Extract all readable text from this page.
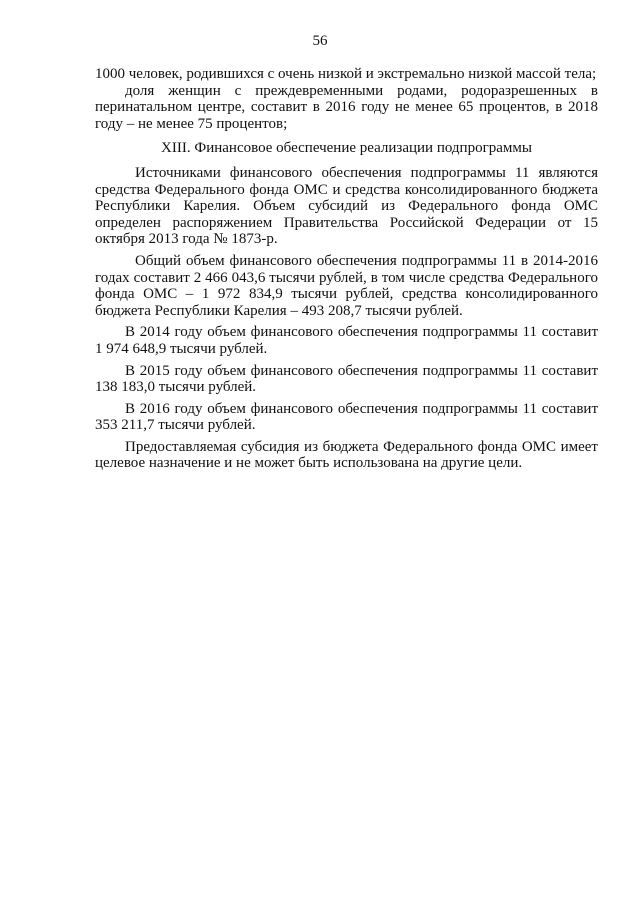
56

1000 человек, родившихся с очень низкой и экстремально низкой массой тела;

доля женщин с преждевременными родами, родоразрешенных в перинатальном центре, составит в 2016 году не менее 65 процентов, в 2018 году – не менее 75 процентов;

XIII. Финансовое обеспечение реализации подпрограммы

Источниками финансового обеспечения подпрограммы 11 являются средства Федерального фонда ОМС и средства консолидированного бюджета Республики Карелия. Объем субсидий из Федерального фонда ОМС определен распоряжением Правительства Российской Федерации от 15 октября 2013 года № 1873-р.

Общий объем финансового обеспечения подпрограммы 11 в 2014-2016 годах составит 2 466 043,6 тысячи рублей, в том числе средства Федерального фонда ОМС – 1 972 834,9 тысячи рублей, средства консолидированного бюджета Республики Карелия – 493 208,7 тысячи рублей.

В 2014 году объем финансового обеспечения подпрограммы 11 составит 1 974 648,9 тысячи рублей.

В 2015 году объем финансового обеспечения подпрограммы 11 составит 138 183,0 тысячи рублей.

В 2016 году объем финансового обеспечения подпрограммы 11 составит 353 211,7 тысячи рублей.

Предоставляемая субсидия из бюджета Федерального фонда ОМС имеет целевое назначение и не может быть использована на другие цели.
